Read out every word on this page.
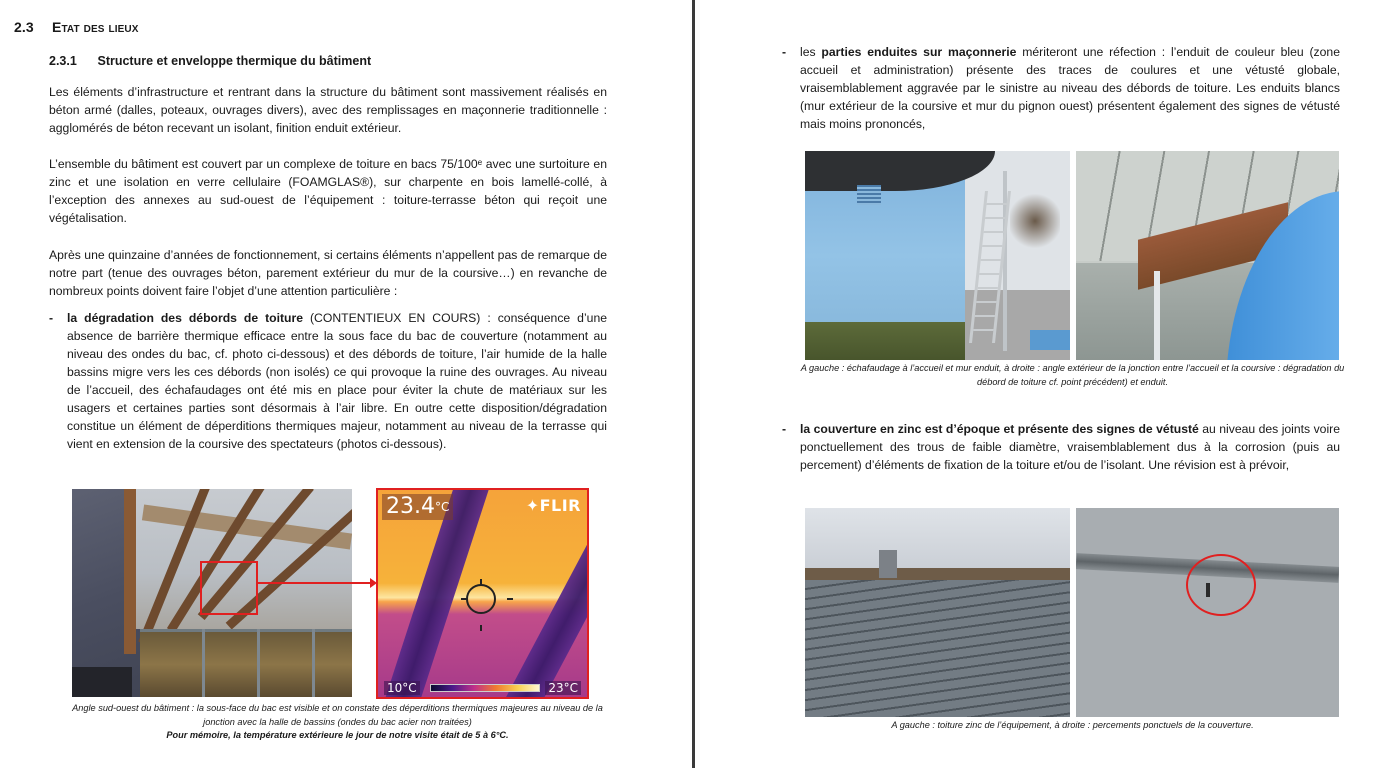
2.3 Etat des lieux
2.3.1 Structure et enveloppe thermique du bâtiment

Les éléments d’infrastructure et rentrant dans la structure du bâtiment sont massivement réalisés en béton armé (dalles, poteaux, ouvrages divers), avec des remplissages en maçonnerie traditionnelle : agglomérés de béton recevant un isolant, finition enduit extérieur.

L’ensemble du bâtiment est couvert par un complexe de toiture en bacs 75/100ᵉ avec une surtoiture en zinc et une isolation en verre cellulaire (FOAMGLAS®), sur charpente en bois lamellé-collé, à l’exception des annexes au sud-ouest de l’équipement : toiture-terrasse béton qui reçoit une végétalisation.

Après une quinzaine d’années de fonctionnement, si certains éléments n’appellent pas de remarque de notre part (tenue des ouvrages béton, parement extérieur du mur de la coursive…) en revanche de nombreux points doivent faire l’objet d’une attention particulière :

- la dégradation des débords de toiture (CONTENTIEUX EN COURS) : conséquence d’une absence de barrière thermique efficace entre la sous face du bac de couverture (notamment au niveau des ondes du bac, cf. photo ci-dessous) et des débords de toiture, l’air humide de la halle bassins migre vers les ces débords (non isolés) ce qui provoque la ruine des ouvrages. Au niveau de l’accueil, des échafaudages ont été mis en place pour éviter la chute de matériaux sur les usagers et certaines parties sont désormais à l’air libre. En outre cette disposition/dégradation constitue un élément de déperditions thermiques majeur, notamment au niveau de la terrasse qui vient en extension de la coursive des spectateurs (photos ci-dessous).

$23.4^{^\circ C}$	✦FLIR
10°C	23°C
Angle sud-ouest du bâtiment : la sous-face du bac est visible et on constate des déperditions thermiques majeures au niveau de la jonction avec la halle de bassins (ondes du bac acier non traitées)
Pour mémoire, la température extérieure le jour de notre visite était de 5 à 6°C.
- les parties enduites sur maçonnerie mériteront une réfection : l’enduit de couleur bleu (zone accueil et administration) présente des traces de coulures et une vétusté globale, vraisemblablement aggravée par le sinistre au niveau des débords de toiture. Les enduits blancs (mur extérieur de la coursive et mur du pignon ouest) présentent également des signes de vétusté mais moins prononcés,

A gauche : échafaudage à l’accueil et mur enduit, à droite : angle extérieur de la jonction entre l’accueil et la coursive : dégradation du débord de toiture cf. point précédent) et enduit.
- la couverture en zinc est d’époque et présente des signes de vétusté au niveau des joints voire ponctuellement des trous de faible diamètre, vraisemblablement dus à la corrosion (puis au percement) d’éléments de fixation de la toiture et/ou de l’isolant. Une révision est à prévoir,

A gauche : toiture zinc de l’équipement, à droite : percements ponctuels de la couverture.
